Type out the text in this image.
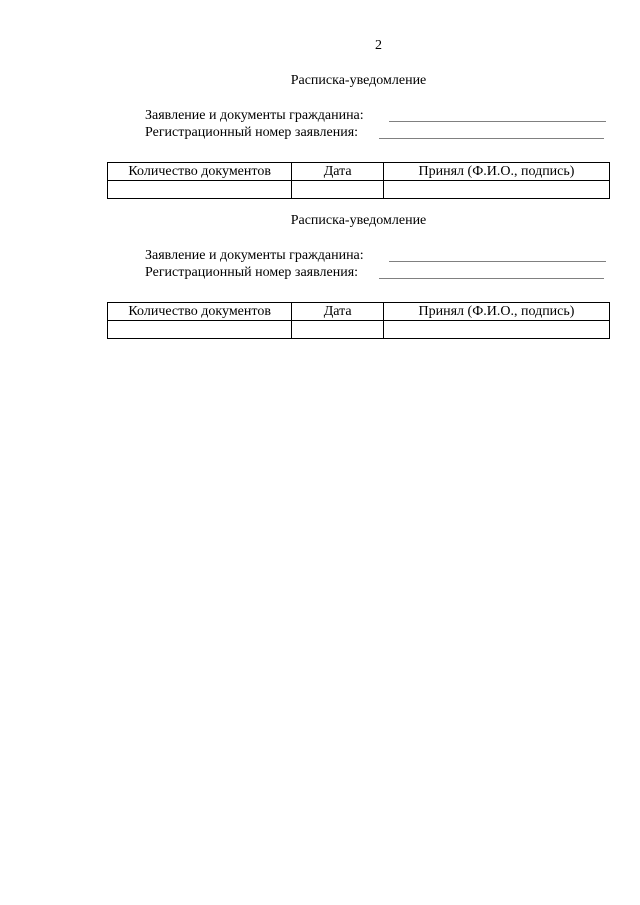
2
Расписка-уведомление
Заявление и документы гражданина:
Регистрационный номер заявления:
Количество документов	Дата	Принял (Ф.И.О., подпись)

Расписка-уведомление
Заявление и документы гражданина:
Регистрационный номер заявления:
Количество документов	Дата	Принял (Ф.И.О., подпись)
